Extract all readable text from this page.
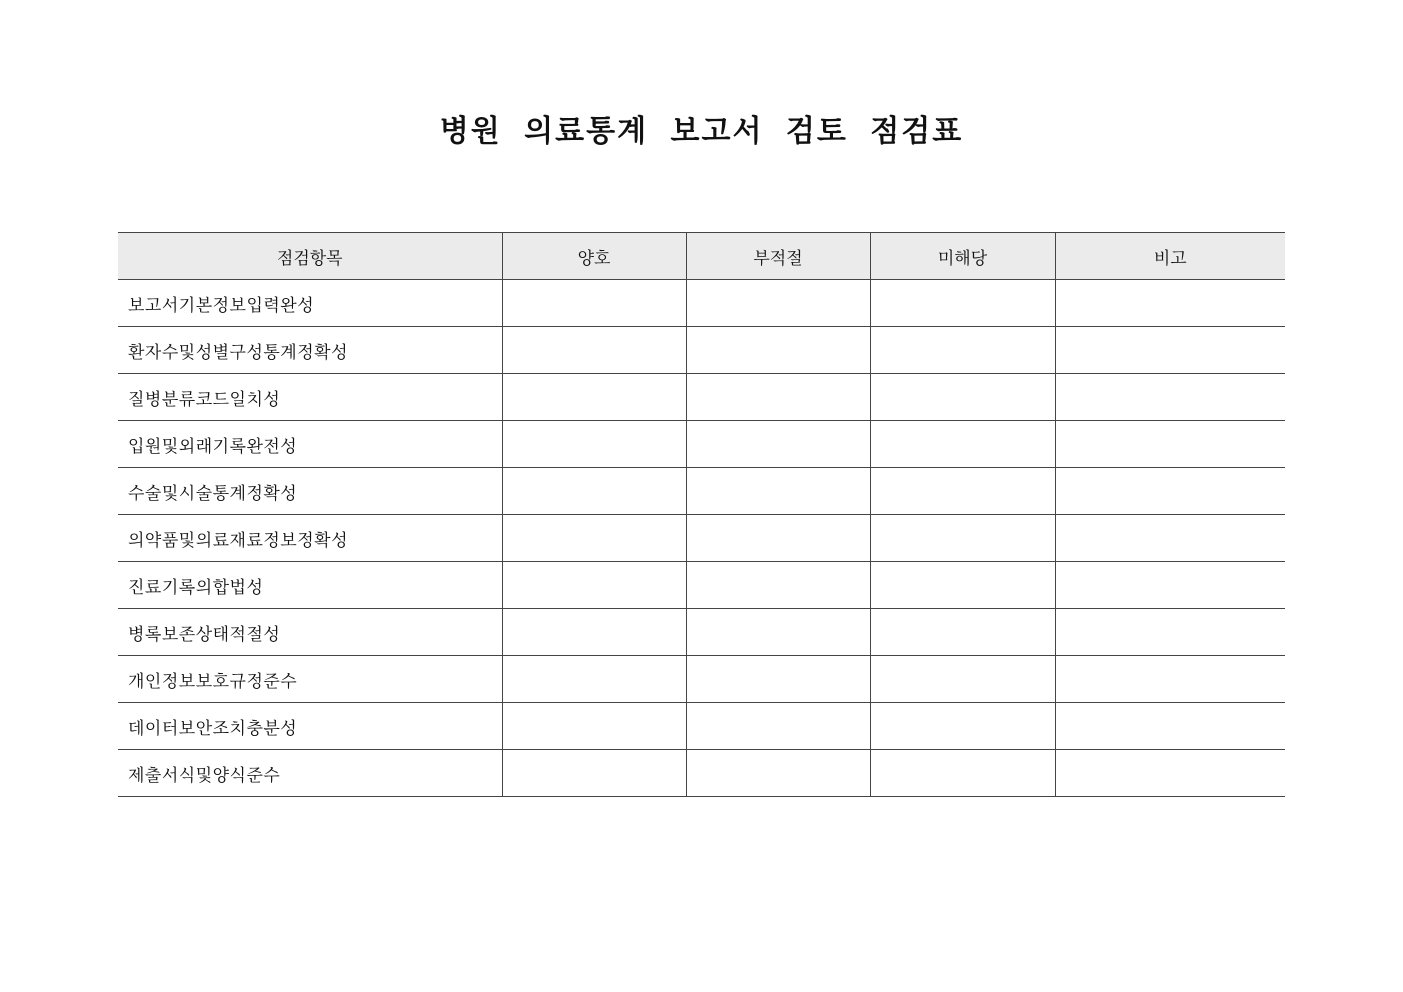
병원 의료통계 보고서 검토 점검표
점검항목	양호	부적절	미해당	비고
보고서기본정보입력완성				
환자수및성별구성통계정확성				
질병분류코드일치성				
입원및외래기록완전성				
수술및시술통계정확성				
의약품및의료재료정보정확성				
진료기록의합법성				
병록보존상태적절성				
개인정보보호규정준수				
데이터보안조치충분성				
제출서식및양식준수				
